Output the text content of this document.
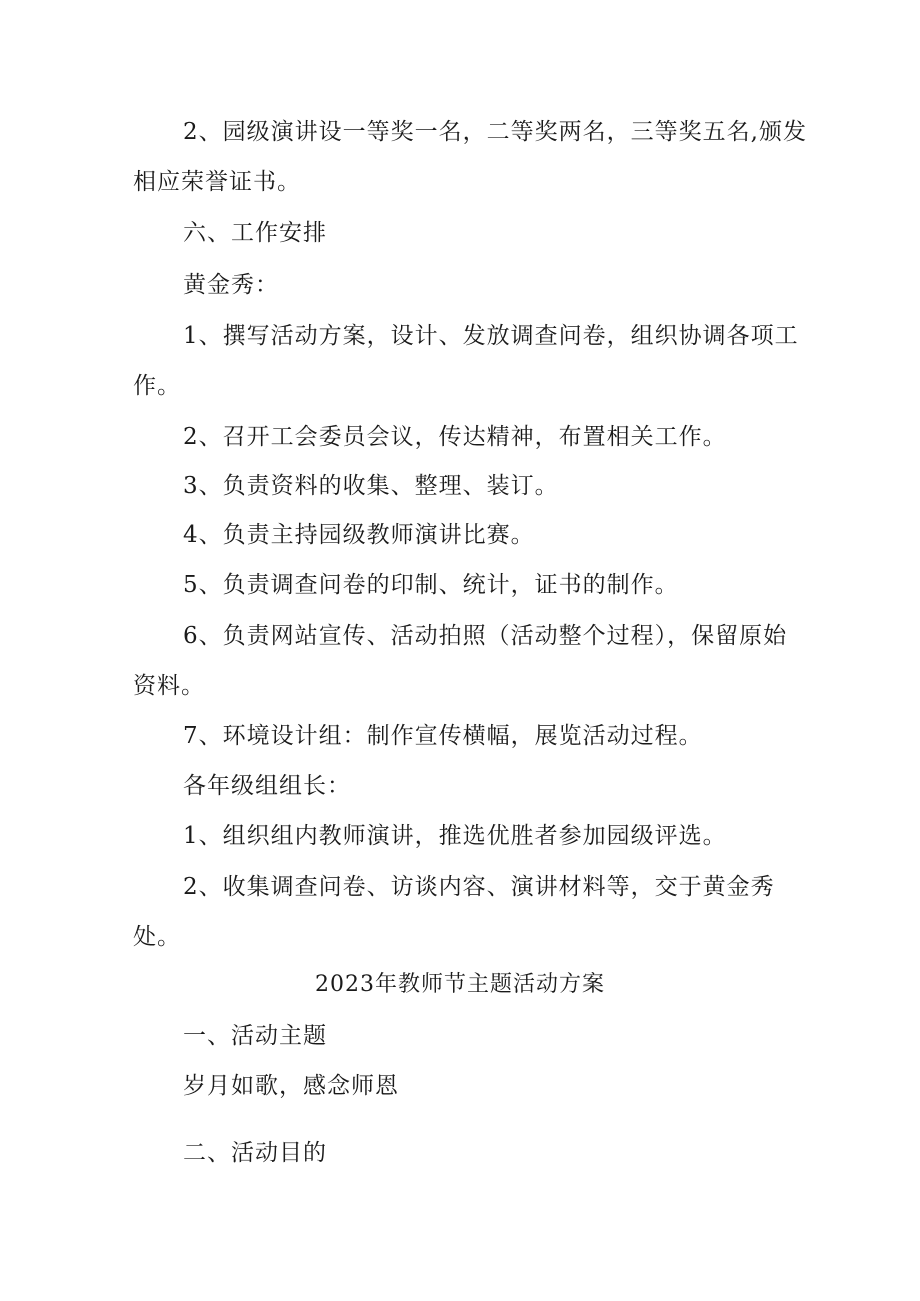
2、园级演讲设一等奖一名，二等奖两名，三等奖五名,颁发
相应荣誉证书。
六、工作安排
黄金秀：
1、撰写活动方案，设计、发放调查问卷，组织协调各项工
作。
2、召开工会委员会议，传达精神，布置相关工作。
3、负责资料的收集、整理、装订。
4、负责主持园级教师演讲比赛。
5、负责调查问卷的印制、统计，证书的制作。
6、负责网站宣传、活动拍照（活动整个过程），保留原始
资料。
7、环境设计组：制作宣传横幅，展览活动过程。
各年级组组长：
1、组织组内教师演讲，推选优胜者参加园级评选。
2、收集调查问卷、访谈内容、演讲材料等，交于黄金秀
处。
2023年教师节主题活动方案
一、活动主题
岁月如歌，感念师恩
二、活动目的
